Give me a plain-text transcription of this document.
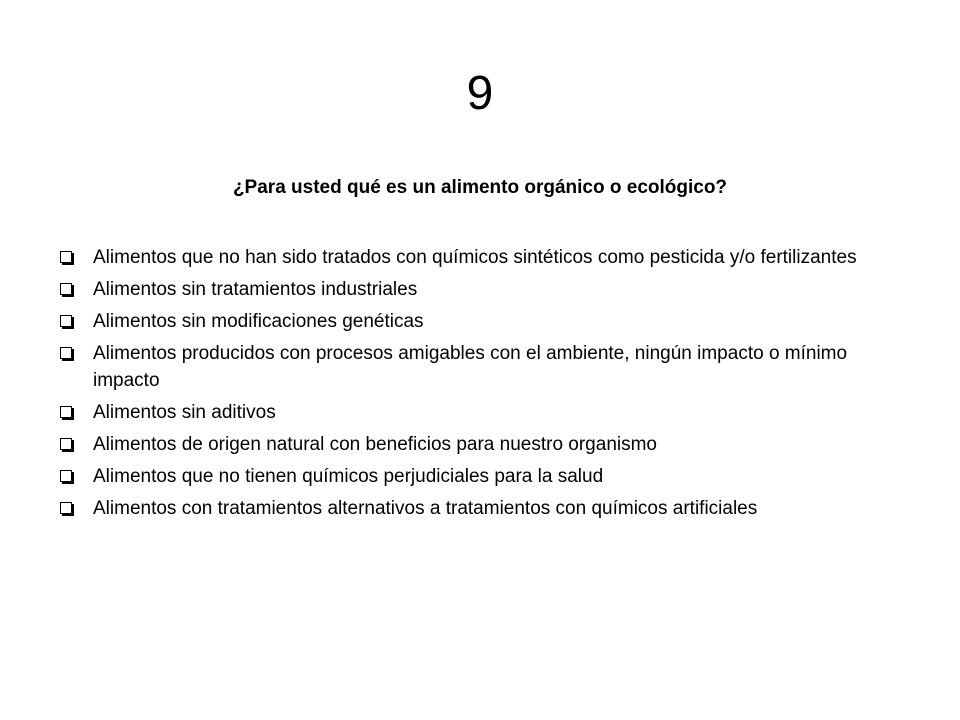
9

¿Para usted qué es un alimento orgánico o ecológico?

Alimentos que no han sido tratados con químicos sintéticos como pesticida y/o fertilizantes
Alimentos sin tratamientos industriales
Alimentos sin modificaciones genéticas
Alimentos producidos con procesos amigables con el ambiente, ningún impacto o mínimo impacto
Alimentos sin aditivos
Alimentos de origen natural con beneficios para nuestro organismo
Alimentos que no tienen químicos perjudiciales para la salud
Alimentos con tratamientos alternativos a tratamientos con químicos artificiales
